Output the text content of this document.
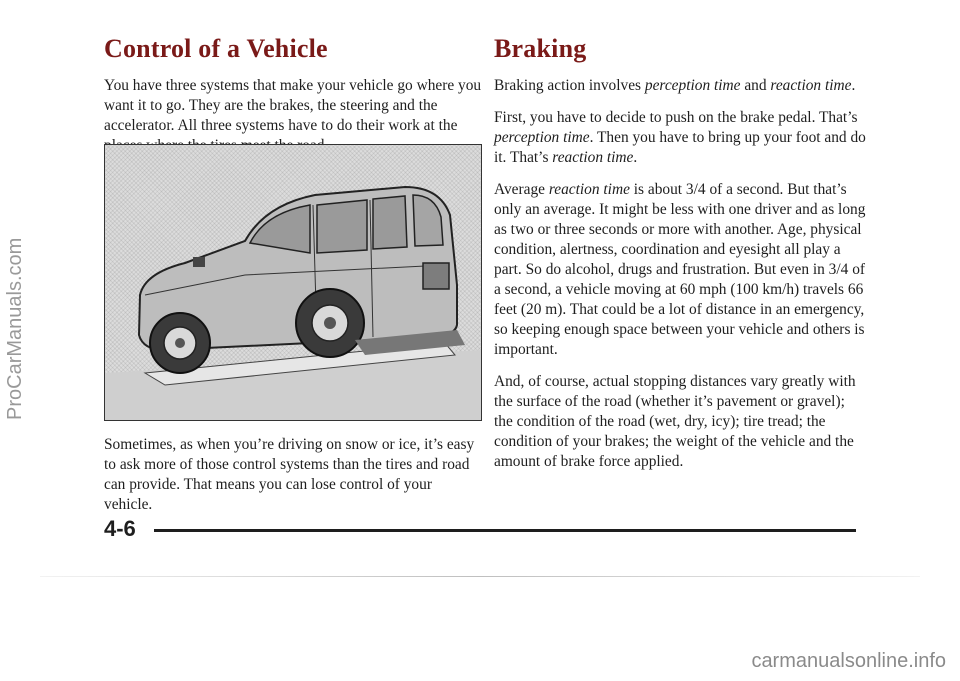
Control of a Vehicle

You have three systems that make your vehicle go where you want it to go. They are the brakes, the steering and the accelerator. All three systems have to do their work at the

Sometimes, as when you’re driving on snow or ice, it’s easy to ask more of those control systems than the tires and road can provide. That means you can lose control of your vehicle.

Braking

Braking action involves perception time and reaction time.

First, you have to decide to push on the brake pedal. That’s perception time. Then you have to bring up your foot and do it. That’s reaction time.

Average reaction time is about 3/4 of a second. But that’s only an average. It might be less with one driver and as long as two or three seconds or more with another. Age, physical condition, alertness, coordination and eyesight all play a part. So do alcohol, drugs and frustration. But even in 3/4 of a second, a vehicle moving at 60 mph (100 km/h) travels 66 feet (20 m). That could be a lot of distance in an emergency, so keeping enough space between your vehicle and others is important.

And, of course, actual stopping distances vary greatly with the surface of the road (whether it’s pavement or gravel); the condition of the road (wet, dry, icy); tire tread; the condition of your brakes; the weight of the vehicle and the amount of brake force applied.

4-6
ProCarManuals.com
carmanualsonline.info
